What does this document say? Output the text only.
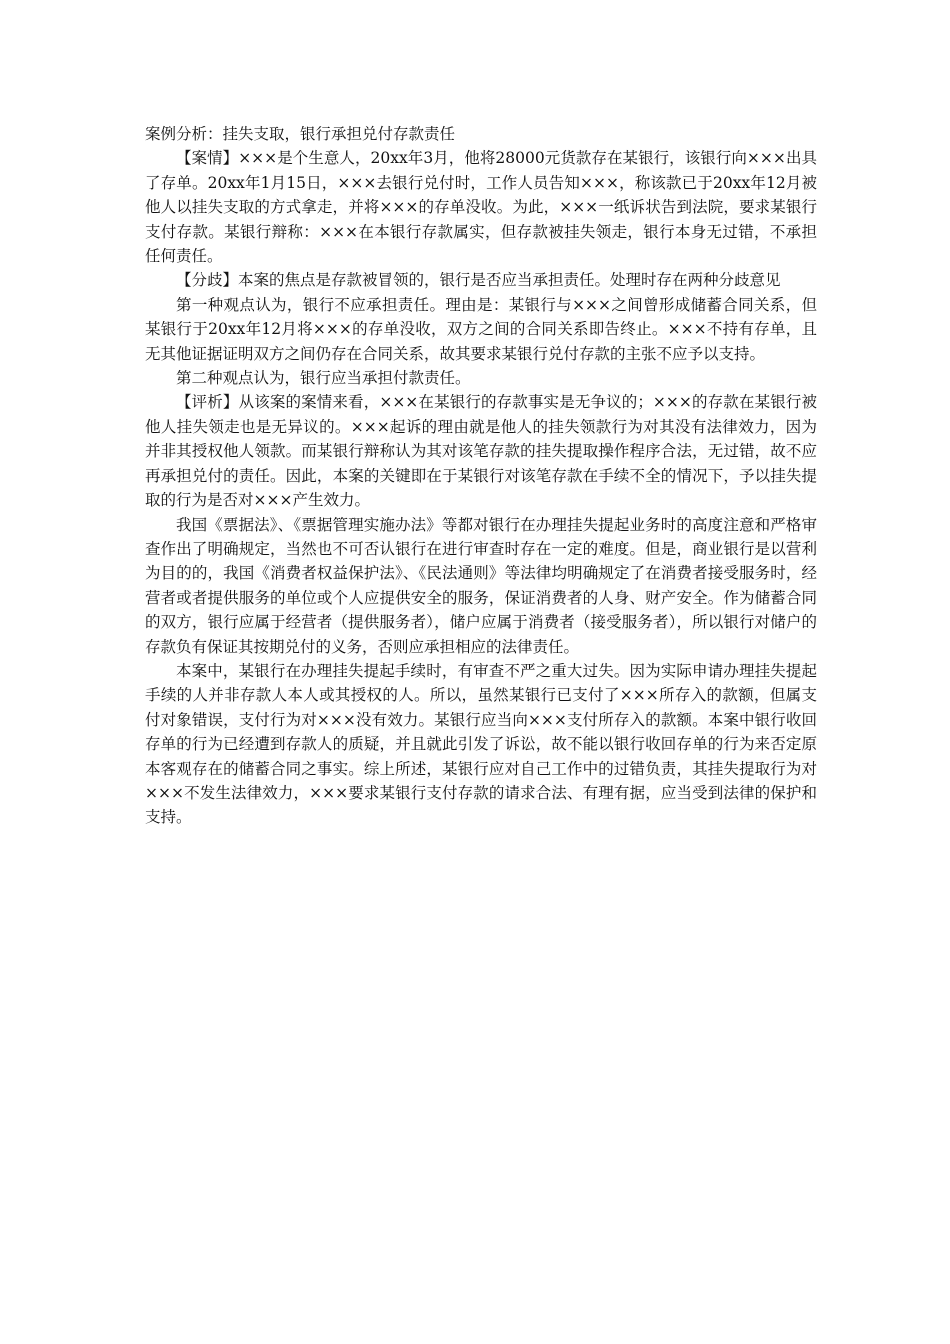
案例分析：挂失支取，银行承担兑付存款责任

【案情】×××是个生意人，20xx年3月，他将28000元货款存在某银行，该银行向×××出具了存单。20xx年1月15日，×××去银行兑付时，工作人员告知×××，称该款已于20xx年12月被他人以挂失支取的方式拿走，并将×××的存单没收。为此，×××一纸诉状告到法院，要求某银行支付存款。某银行辩称：×××在本银行存款属实，但存款被挂失领走，银行本身无过错，不承担任何责任。

【分歧】本案的焦点是存款被冒领的，银行是否应当承担责任。处理时存在两种分歧意见

第一种观点认为，银行不应承担责任。理由是：某银行与×××之间曾形成储蓄合同关系，但某银行于20xx年12月将×××的存单没收，双方之间的合同关系即告终止。×××不持有存单，且无其他证据证明双方之间仍存在合同关系，故其要求某银行兑付存款的主张不应予以支持。

第二种观点认为，银行应当承担付款责任。

【评析】从该案的案情来看，×××在某银行的存款事实是无争议的；×××的存款在某银行被他人挂失领走也是无异议的。×××起诉的理由就是他人的挂失领款行为对其没有法律效力，因为并非其授权他人领款。而某银行辩称认为其对该笔存款的挂失提取操作程序合法，无过错，故不应再承担兑付的责任。因此，本案的关键即在于某银行对该笔存款在手续不全的情况下，予以挂失提取的行为是否对×××产生效力。

我国《票据法》、《票据管理实施办法》等都对银行在办理挂失提起业务时的高度注意和严格审查作出了明确规定，当然也不可否认银行在进行审查时存在一定的难度。但是，商业银行是以营利为目的的，我国《消费者权益保护法》、《民法通则》等法律均明确规定了在消费者接受服务时，经营者或者提供服务的单位或个人应提供安全的服务，保证消费者的人身、财产安全。作为储蓄合同的双方，银行应属于经营者（提供服务者），储户应属于消费者（接受服务者），所以银行对储户的存款负有保证其按期兑付的义务，否则应承担相应的法律责任。

本案中，某银行在办理挂失提起手续时，有审查不严之重大过失。因为实际申请办理挂失提起手续的人并非存款人本人或其授权的人。所以，虽然某银行已支付了×××所存入的款额，但属支付对象错误，支付行为对×××没有效力。某银行应当向×××支付所存入的款额。本案中银行收回存单的行为已经遭到存款人的质疑，并且就此引发了诉讼，故不能以银行收回存单的行为来否定原本客观存在的储蓄合同之事实。综上所述，某银行应对自己工作中的过错负责，其挂失提取行为对×××不发生法律效力，×××要求某银行支付存款的请求合法、有理有据，应当受到法律的保护和支持。
